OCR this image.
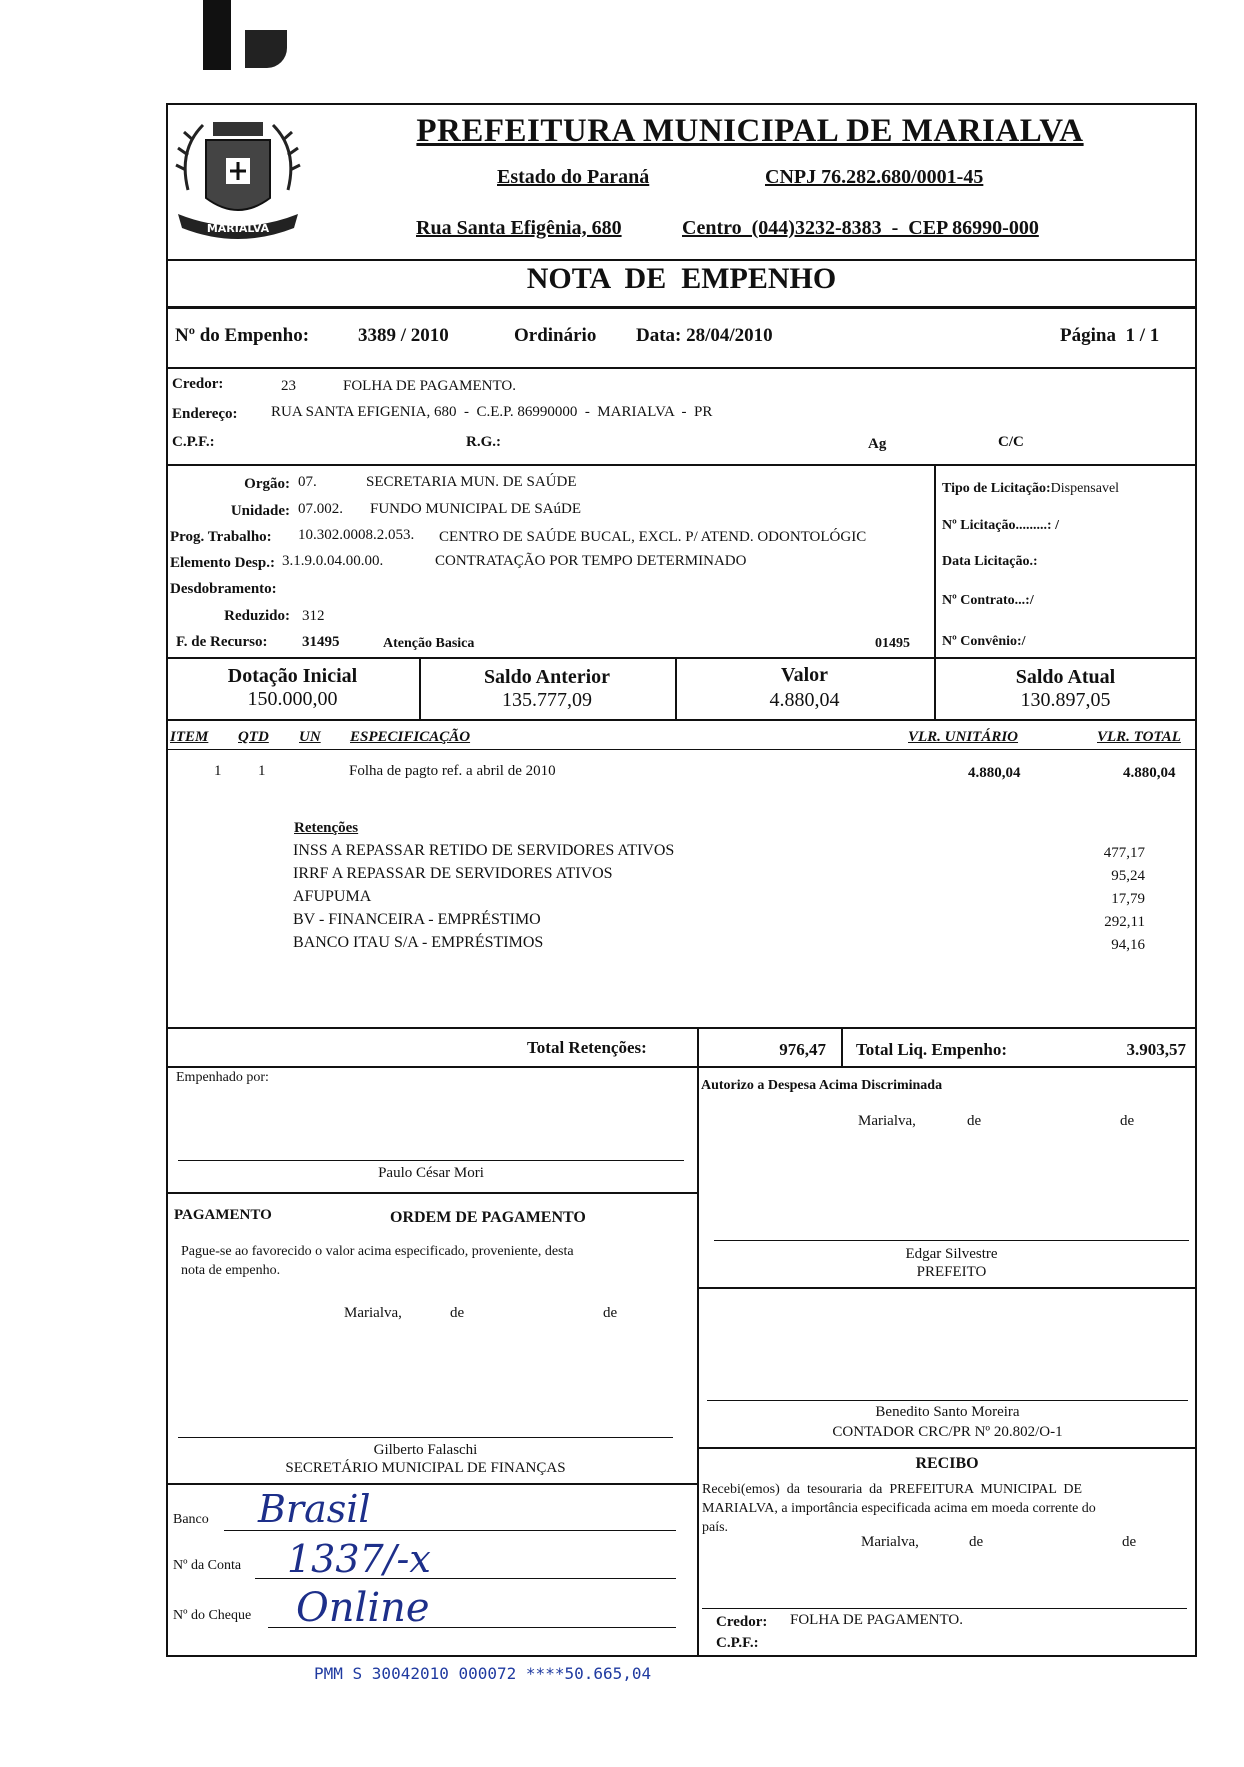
MARIALVA
PREFEITURA MUNICIPAL DE MARIALVA
Estado do Paraná	CNPJ 76.282.680/0001-45
Rua Santa Efigênia, 680	Centro  (044)3232-8383  -  CEP 86990-000
NOTA  DE  EMPENHO
Nº do Empenho:	3389 / 2010	Ordinário Data: 28/04/2010	Página  1 / 1
Credor:	23	FOLHA DE PAGAMENTO.
Endereço: RUA SANTA EFIGENIA, 680  -  C.E.P. 86990000  -  MARIALVA  -  PR
C.P.F.:	R.G.:	Ag	C/C
Orgão: 07.	SECRETARIA MUN. DE SAÚDE
Unidade: 07.002. FUNDO MUNICIPAL DE SAúDE
Prog. Trabalho: 10.302.0008.2.053. CENTRO DE SAÚDE BUCAL, EXCL. P/ ATEND. ODONTOLÓGIC
Elemento Desp.: 3.1.9.0.04.00.00.	CONTRATAÇÃO POR TEMPO DETERMINADO
Desdobramento:
Reduzido: 312
F. de Recurso: 31495	Atenção Basica	01495
Tipo de Licitação:Dispensavel
Nº Licitação.........: /
Data Licitação.:
Nº Contrato...:/
Nº Convênio:/
Dotação Inicial
150.000,00
Saldo Anterior
135.777,09
Valor
4.880,04
Saldo Atual
130.897,05
ITEM QTD UN ESPECIFICAÇÃO	VLR. UNITÁRIO	VLR. TOTAL
1 1	Folha de pagto ref. a abril de 2010	4.880,04	4.880,04
Retenções
INSS A REPASSAR RETIDO DE SERVIDORES ATIVOS	477,17
IRRF A REPASSAR DE SERVIDORES ATIVOS	95,24
AFUPUMA	17,79
BV - FINANCEIRA - EMPRÉSTIMO	292,11
BANCO ITAU S/A - EMPRÉSTIMOS	94,16
Total Retenções:	976,47 Total Liq. Empenho:	3.903,57
Empenhado por:
Paulo César Mori
PAGAMENTO	ORDEM DE PAGAMENTO
Pague-se ao favorecido o valor acima especificado, proveniente, desta
nota de empenho.
Marialva,	de	de
Gilberto Falaschi
SECRETÁRIO MUNICIPAL DE FINANÇAS
Banco Brasil
Nº da Conta 1337/-x
Nº do Cheque Online
Autorizo a Despesa Acima Discriminada
Marialva,	de	de
Edgar Silvestre
PREFEITO
Benedito Santo Moreira
CONTADOR CRC/PR Nº 20.802/O-1
RECIBO
Recebi(emos)  da  tesouraria  da  PREFEITURA  MUNICIPAL  DE
MARIALVA, a importância especificada acima em moeda corrente do
país.
Marialva,	de	de
Credor: FOLHA DE PAGAMENTO.
C.P.F.:
PMM S 30042010 000072 ****50.665,04
